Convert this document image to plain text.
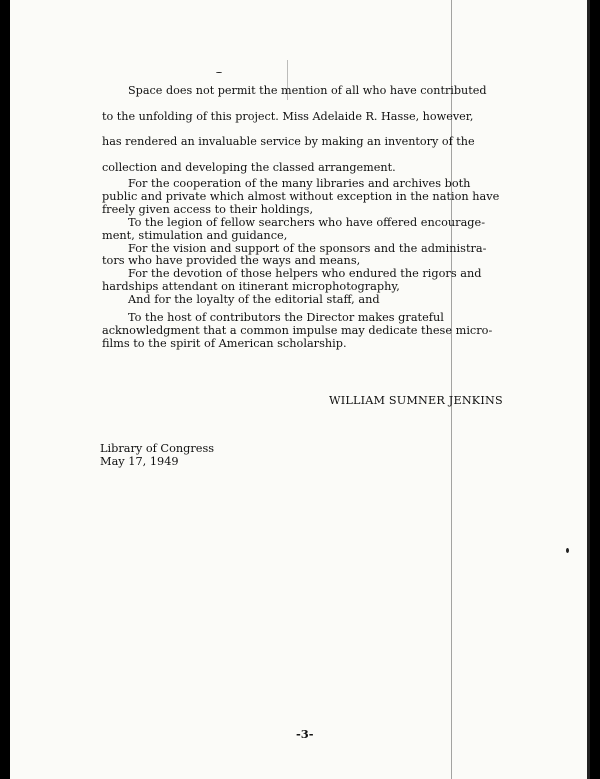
Space does not permit the mention of all who have contributed
to the unfolding of this project. Miss Adelaide R. Hasse, however,
has rendered an invaluable service by making an inventory of the
collection and developing the classed arrangement.
For the cooperation of the many libraries and archives both
public and private which almost without exception in the nation have
freely given access to their holdings,
To the legion of fellow searchers who have offered encourage-
ment, stimulation and guidance,
For the vision and support of the sponsors and the administra-
tors who have provided the ways and means,
For the devotion of those helpers who endured the rigors and
hardships attendant on itinerant microphotography,
And for the loyalty of the editorial staff, and
To the host of contributors the Director makes grateful
acknowledgment that a common impulse may dedicate these micro-
films to the spirit of American scholarship.
WILLIAM SUMNER JENKINS
Library of Congress
May 17, 1949
-3-
